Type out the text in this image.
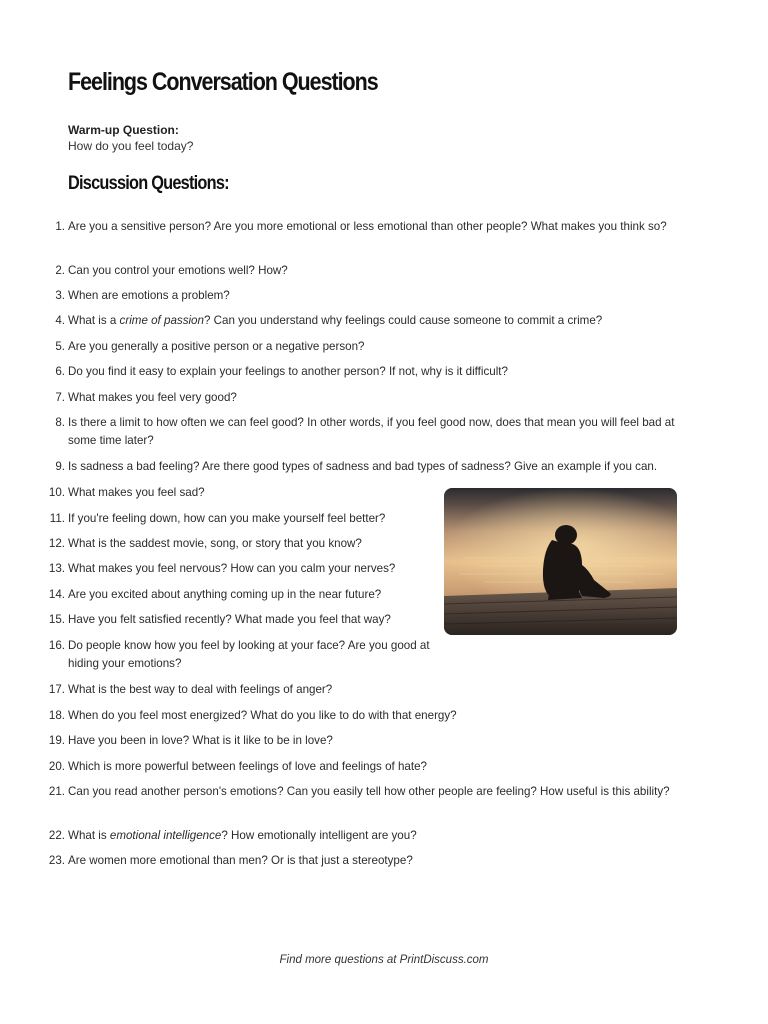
Feelings Conversation Questions
Warm-up Question:
How do you feel today?
Discussion Questions:
1. Are you a sensitive person? Are you more emotional or less emotional than other people? What makes you think so?
2. Can you control your emotions well? How?
3. When are emotions a problem?
4. What is a crime of passion? Can you understand why feelings could cause someone to commit a crime?
5. Are you generally a positive person or a negative person?
6. Do you find it easy to explain your feelings to another person? If not, why is it difficult?
7. What makes you feel very good?
8. Is there a limit to how often we can feel good? In other words, if you feel good now, does that mean you will feel bad at some time later?
9. Is sadness a bad feeling? Are there good types of sadness and bad types of sadness? Give an example if you can.
10. What makes you feel sad?
11. If you're feeling down, how can you make yourself feel better?
12. What is the saddest movie, song, or story that you know?
13. What makes you feel nervous? How can you calm your nerves?
14. Are you excited about anything coming up in the near future?
15. Have you felt satisfied recently? What made you feel that way?
16. Do people know how you feel by looking at your face? Are you good at hiding your emotions?
17. What is the best way to deal with feelings of anger?
18. When do you feel most energized? What do you like to do with that energy?
19. Have you been in love? What is it like to be in love?
20. Which is more powerful between feelings of love and feelings of hate?
21. Can you read another person's emotions? Can you easily tell how other people are feeling? How useful is this ability?
22. What is emotional intelligence? How emotionally intelligent are you?
23. Are women more emotional than men? Or is that just a stereotype?
Find more questions at PrintDiscuss.com
